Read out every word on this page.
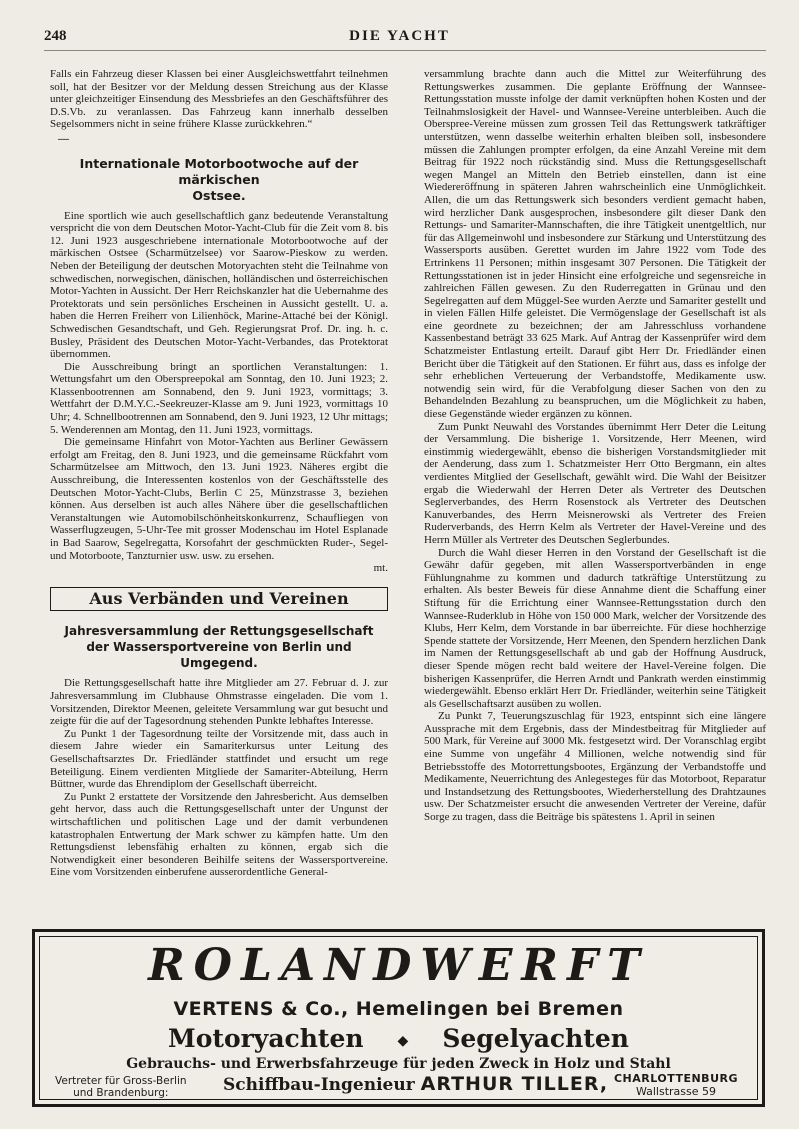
248	DIE YACHT

Falls ein Fahrzeug dieser Klassen bei einer Ausgleichswettfahrt teilnehmen soll, hat der Besitzer vor der Meldung dessen Streichung aus der Klasse unter gleichzeitiger Einsendung des Messbriefes an den Geschäftsführer des D.S.Vb. zu veranlassen. Das Fahrzeug kann innerhalb desselben Segelsommers nicht in seine frühere Klasse zurückkehren.“

—
Internationale Motorbootwoche auf der märkischen
Ostsee.

Eine sportlich wie auch gesellschaftlich ganz bedeutende Veranstaltung verspricht die von dem Deutschen Motor-Yacht-Club für die Zeit vom 8. bis 12. Juni 1923 ausgeschriebene internationale Motorbootwoche auf der märkischen Ostsee (Scharmützelsee) vor Saarow-Pieskow zu werden. Neben der Beteiligung der deutschen Motoryachten steht die Teilnahme von schwedischen, norwegischen, dänischen, holländischen und österreichischen Motor-Yachten in Aussicht. Der Herr Reichskanzler hat die Uebernahme des Protektorats und sein persönliches Erscheinen in Aussicht gestellt. U. a. haben die Herren Freiherr von Lilienhöck, Marine-Attaché bei der Königl. Schwedischen Gesandtschaft, und Geh. Regierungsrat Prof. Dr. ing. h. c. Busley, Präsident des Deutschen Motor-Yacht-Verbandes, das Protektorat übernommen.

Die Ausschreibung bringt an sportlichen Veranstaltungen: 1. Wettungsfahrt um den Oberspreepokal am Sonntag, den 10. Juni 1923; 2. Klassenbootrennen am Sonnabend, den 9. Juni 1923, vormittags; 3. Wettfahrt der D.M.Y.C.-Seekreuzer-Klasse am 9. Juni 1923, vormittags 10 Uhr; 4. Schnellbootrennen am Sonnabend, den 9. Juni 1923, 12 Uhr mittags; 5. Wenderennen am Montag, den 11. Juni 1923, vormittags.

Die gemeinsame Hinfahrt von Motor-Yachten aus Berliner Gewässern erfolgt am Freitag, den 8. Juni 1923, und die gemeinsame Rückfahrt vom Scharmützelsee am Mittwoch, den 13. Juni 1923. Näheres ergibt die Ausschreibung, die Interessenten kostenlos von der Geschäftsstelle des Deutschen Motor-Yacht-Clubs, Berlin C 25, Münzstrasse 3, beziehen können. Aus derselben ist auch alles Nähere über die gesellschaftlichen Veranstaltungen wie Automobilschönheitskonkurrenz, Schaufliegen von Wasserflugzeugen, 5-Uhr-Tee mit grosser Modenschau im Hotel Esplanade in Bad Saarow, Segelregatta, Korsofahrt der geschmückten Ruder-, Segel- und Motorboote, Tanzturnier usw. usw. zu ersehen.

mt.

Aus Verbänden und Vereinen
Jahresversammlung der Rettungsgesellschaft
der Wassersportvereine von Berlin und Umgegend.

Die Rettungsgesellschaft hatte ihre Mitglieder am 27. Februar d. J. zur Jahresversammlung im Clubhause Ohmstrasse eingeladen. Die vom 1. Vorsitzenden, Direktor Meenen, geleitete Versammlung war gut besucht und zeigte für die auf der Tagesordnung stehenden Punkte lebhaftes Interesse.

Zu Punkt 1 der Tagesordnung teilte der Vorsitzende mit, dass auch in diesem Jahre wieder ein Samariterkursus unter Leitung des Gesellschaftsarztes Dr. Friedländer stattfindet und ersucht um rege Beteiligung. Einem verdienten Mitgliede der Samariter-Abteilung, Herrn Büttner, wurde das Ehrendiplom der Gesellschaft überreicht.

Zu Punkt 2 erstattete der Vorsitzende den Jahresbericht. Aus demselben geht hervor, dass auch die Rettungsgesellschaft unter der Ungunst der wirtschaftlichen und politischen Lage und der damit verbundenen katastrophalen Entwertung der Mark schwer zu kämpfen hatte. Um den Rettungsdienst lebensfähig erhalten zu können, ergab sich die Notwendigkeit einer besonderen Beihilfe seitens der Wassersportvereine. Eine vom Vorsitzenden einberufene ausserordentliche General-

versammlung brachte dann auch die Mittel zur Weiterführung des Rettungswerkes zusammen. Die geplante Eröffnung der Wannsee-Rettungsstation musste infolge der damit verknüpften hohen Kosten und der Teilnahmslosigkeit der Havel- und Wannsee-Vereine unterbleiben. Auch die Oberspree-Vereine müssen zum grossen Teil das Rettungswerk tatkräftiger unterstützen, wenn dasselbe weiterhin erhalten bleiben soll, insbesondere müssen die Zahlungen prompter erfolgen, da eine Anzahl Vereine mit dem Beitrag für 1922 noch rückständig sind. Muss die Rettungsgesellschaft wegen Mangel an Mitteln den Betrieb einstellen, dann ist eine Wiedereröffnung in späteren Jahren wahrscheinlich eine Unmöglichkeit. Allen, die um das Rettungswerk sich besonders verdient gemacht haben, wird herzlicher Dank ausgesprochen, insbesondere gilt dieser Dank den Rettungs- und Samariter-Mannschaften, die ihre Tätigkeit unentgeltlich, nur für das Allgemeinwohl und insbesondere zur Stärkung und Unterstützung des Wassersports ausüben. Gerettet wurden im Jahre 1922 vom Tode des Ertrinkens 11 Personen; mithin insgesamt 307 Personen. Die Tätigkeit der Rettungsstationen ist in jeder Hinsicht eine erfolgreiche und segensreiche in zahlreichen Fällen gewesen. Zu den Ruderregatten in Grünau und den Segelregatten auf dem Müggel-See wurden Aerzte und Samariter gestellt und in vielen Fällen Hilfe geleistet. Die Vermögenslage der Gesellschaft ist als eine geordnete zu bezeichnen; der am Jahresschluss vorhandene Kassenbestand beträgt 33 625 Mark. Auf Antrag der Kassenprüfer wird dem Schatzmeister Entlastung erteilt. Darauf gibt Herr Dr. Friedländer einen Bericht über die Tätigkeit auf den Stationen. Er führt aus, dass es infolge der sehr erheblichen Verteuerung der Verbandstoffe, Medikamente usw. notwendig sein wird, für die Verabfolgung dieser Sachen von den zu Behandelnden Bezahlung zu beanspruchen, um die Möglichkeit zu haben, diese Gegenstände wieder ergänzen zu können.

Zum Punkt Neuwahl des Vorstandes übernimmt Herr Deter die Leitung der Versammlung. Die bisherige 1. Vorsitzende, Herr Meenen, wird einstimmig wiedergewählt, ebenso die bisherigen Vorstandsmitglieder mit der Aenderung, dass zum 1. Schatzmeister Herr Otto Bergmann, ein altes verdientes Mitglied der Gesellschaft, gewählt wird. Die Wahl der Beisitzer ergab die Wiederwahl der Herren Deter als Vertreter des Deutschen Seglerverbandes, des Herrn Rosenstock als Vertreter des Deutschen Kanuverbandes, des Herrn Meisnerowski als Vertreter des Freien Ruderverbands, des Herrn Kelm als Vertreter der Havel-Vereine und des Herrn Müller als Vertreter des Deutschen Seglerbundes.

Durch die Wahl dieser Herren in den Vorstand der Gesellschaft ist die Gewähr dafür gegeben, mit allen Wassersportverbänden in enge Fühlungnahme zu kommen und dadurch tatkräftige Unterstützung zu erhalten. Als bester Beweis für diese Annahme dient die Schaffung einer Stiftung für die Errichtung einer Wannsee-Rettungsstation durch den Wannsee-Ruderklub in Höhe von 150 000 Mark, welcher der Vorsitzende des Klubs, Herr Kelm, dem Vorstande in bar überreichte. Für diese hochherzige Spende stattete der Vorsitzende, Herr Meenen, den Spendern herzlichen Dank im Namen der Rettungsgesellschaft ab und gab der Hoffnung Ausdruck, dieser Spende mögen recht bald weitere der Havel-Vereine folgen. Die bisherigen Kassenprüfer, die Herren Arndt und Pankrath werden einstimmig wiedergewählt. Ebenso erklärt Herr Dr. Friedländer, weiterhin seine Tätigkeit als Gesellschaftsarzt ausüben zu wollen.

Zu Punkt 7, Teuerungszuschlag für 1923, entspinnt sich eine längere Aussprache mit dem Ergebnis, dass der Mindestbeitrag für Mitglieder auf 500 Mark, für Vereine auf 3000 Mk. festgesetzt wird. Der Voranschlag ergibt eine Summe von ungefähr 4 Millionen, welche notwendig sind für Betriebsstoffe des Motorrettungsbootes, Ergänzung der Verbandstoffe und Medikamente, Neuerrichtung des Anlegesteges für das Motorboot, Reparatur und Instandsetzung des Rettungsbootes, Wiederherstellung des Drahtzaunes usw. Der Schatzmeister ersucht die anwesenden Vertreter der Vereine, dafür Sorge zu tragen, dass die Beiträge bis spätestens 1. April in seinen

ROLANDWERFT
VERTENS & Co., Hemelingen bei Bremen
Motoryachten ◆ Segelyachten
Gebrauchs- und Erwerbsfahrzeuge für jeden Zweck in Holz und Stahl
Vertreter für Gross-Berlin
und Brandenburg:	Schiffbau-Ingenieur ARTHUR TILLER, CHARLOTTENBURG
Wallstrasse 59
